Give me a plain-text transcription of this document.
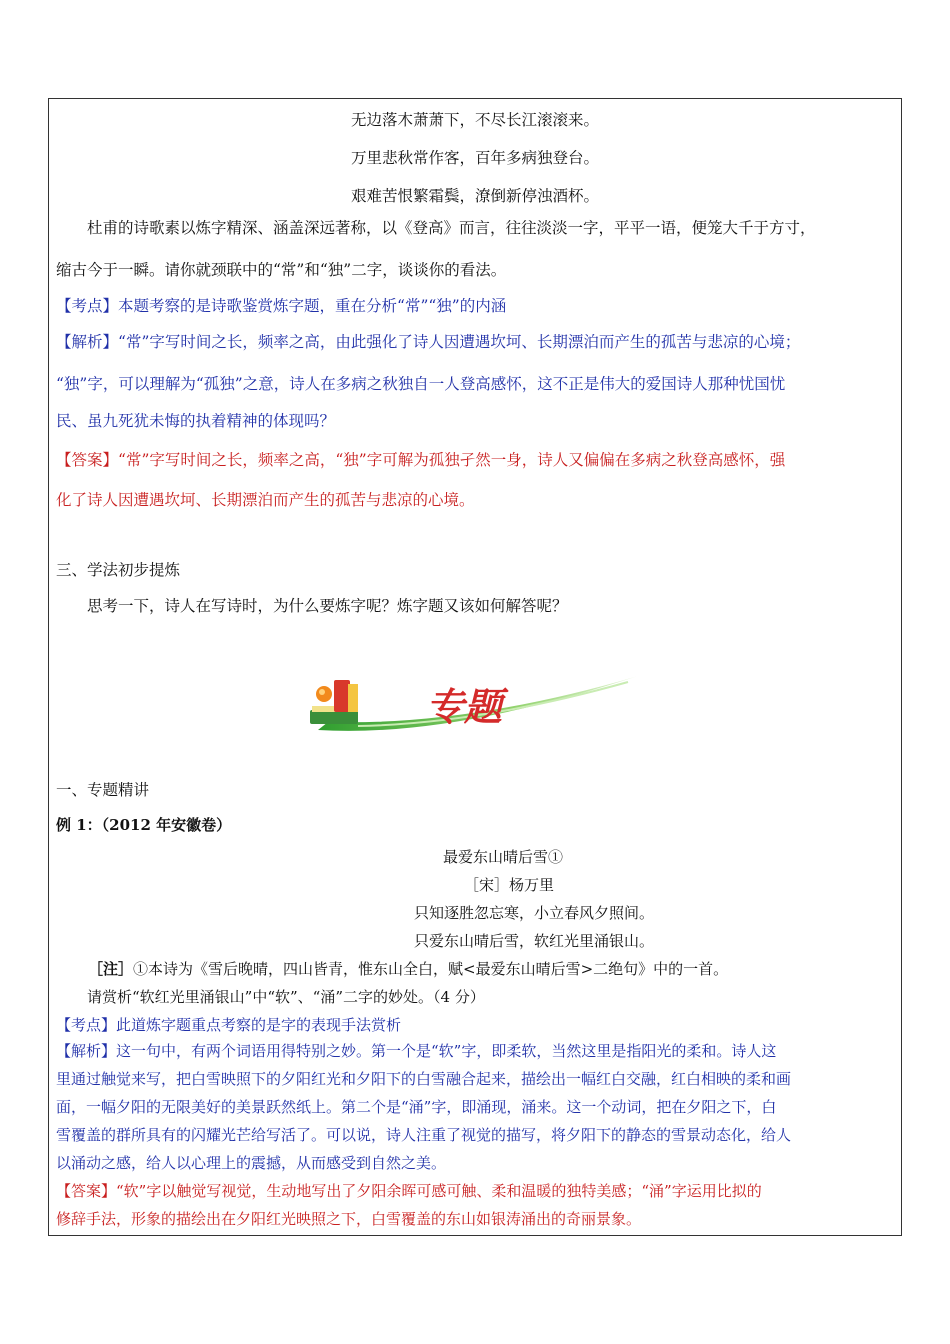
无边落木萧萧下，不尽长江滚滚来。
万里悲秋常作客，百年多病独登台。
艰难苦恨繁霜鬓，潦倒新停浊酒杯。
杜甫的诗歌素以炼字精深、涵盖深远著称，以《登高》而言，往往淡淡一字，平平一语，便笼大千于方寸，
缩古今于一瞬。请你就颈联中的“常”和“独”二字，谈谈你的看法。
【考点】本题考察的是诗歌鉴赏炼字题，重在分析“常”“独”的内涵
【解析】“常”字写时间之长，频率之高，由此强化了诗人因遭遇坎坷、长期漂泊而产生的孤苦与悲凉的心境；
“独”字，可以理解为“孤独”之意，诗人在多病之秋独自一人登高感怀，这不正是伟大的爱国诗人那种忧国忧
民、虽九死犹未悔的执着精神的体现吗？
【答案】“常”字写时间之长，频率之高，“独”字可解为孤独孑然一身，诗人又偏偏在多病之秋登高感怀，强
化了诗人因遭遇坎坷、长期漂泊而产生的孤苦与悲凉的心境。
三、学法初步提炼
思考一下，诗人在写诗时，为什么要炼字呢？炼字题又该如何解答呢？
专题
一、专题精讲
例 1：（2012 年安徽卷）
最爱东山晴后雪①
［宋］杨万里
只知逐胜忽忘寒，小立春风夕照间。
只爱东山晴后雪，软红光里涌银山。
［注］①本诗为《雪后晚晴，四山皆青，惟东山全白，赋<最爱东山晴后雪>二绝句》中的一首。
请赏析“软红光里涌银山”中“软”、“涌”二字的妙处。（4 分）
【考点】此道炼字题重点考察的是字的表现手法赏析
【解析】这一句中，有两个词语用得特别之妙。第一个是“软”字，即柔软，当然这里是指阳光的柔和。诗人这
里通过触觉来写，把白雪映照下的夕阳红光和夕阳下的白雪融合起来，描绘出一幅红白交融，红白相映的柔和画
面，一幅夕阳的无限美好的美景跃然纸上。第二个是“涌”字，即涌现，涌来。这一个动词，把在夕阳之下，白
雪覆盖的群所具有的闪耀光芒给写活了。可以说，诗人注重了视觉的描写，将夕阳下的静态的雪景动态化，给人
以涌动之感，给人以心理上的震撼，从而感受到自然之美。
【答案】“软”字以触觉写视觉，生动地写出了夕阳余晖可感可触、柔和温暖的独特美感；“涌”字运用比拟的
修辞手法，形象的描绘出在夕阳红光映照之下，白雪覆盖的东山如银涛涌出的奇丽景象。
